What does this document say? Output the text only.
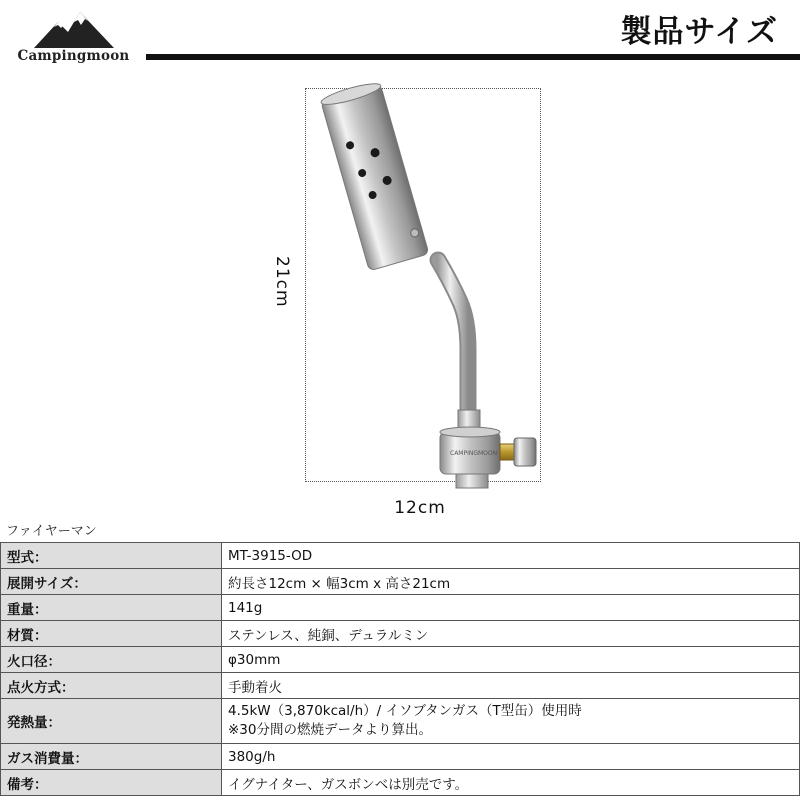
Campingmoon
製品サイズ
21cm
12cm
CAMPINGMOON
ファイヤーマン
型式：	MT-3915-OD
展開サイズ：	約長さ12cm × 幅3cm x 高さ21cm
重量：	141g
材質：	ステンレス、純銅、デュラルミン
火口径：	φ30mm
点火方式：	手動着火
発熱量：	4.5kW（3,870kcal/h）/ イソブタンガス（T型缶）使用時
※30分間の燃焼データより算出。

ガス消費量：	380g/h
備考：	イグナイター、ガスボンベは別売です。
